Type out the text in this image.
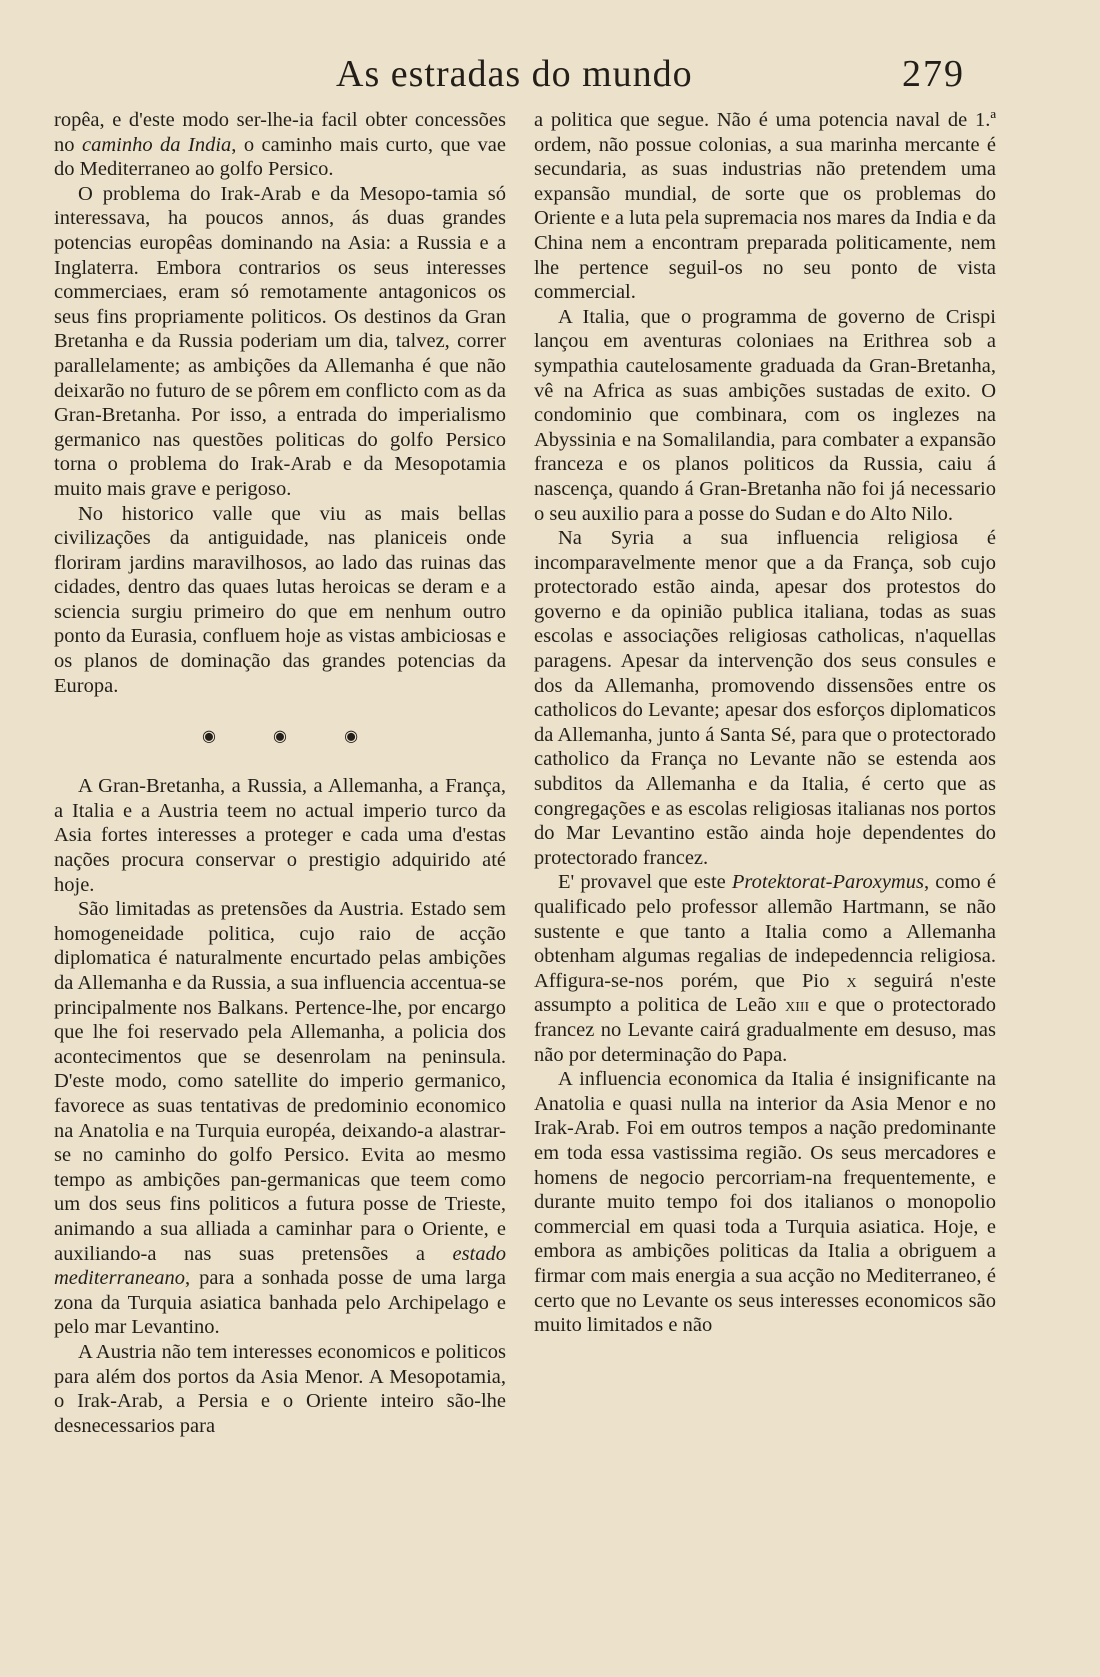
As estradas do mundo	279

ropêa, e d'este modo ser-lhe-ia facil obter concessões no caminho da India, o caminho mais curto, que vae do Mediterraneo ao golfo Persico.

O problema do Irak-Arab e da Mesopo-tamia só interessava, ha poucos annos, ás duas grandes potencias europêas dominando na Asia: a Russia e a Inglaterra. Embora contrarios os seus interesses commerciaes, eram só remotamente antagonicos os seus fins propriamente politicos. Os destinos da Gran Bretanha e da Russia poderiam um dia, talvez, correr parallelamente; as ambições da Allemanha é que não deixarão no futuro de se pôrem em conflicto com as da Gran-Bretanha. Por isso, a entrada do imperialismo germanico nas questões politicas do golfo Persico torna o problema do Irak-Arab e da Mesopotamia muito mais grave e perigoso.

No historico valle que viu as mais bellas civilizações da antiguidade, nas planiceis onde floriram jardins maravilhosos, ao lado das ruinas das cidades, dentro das quaes lutas heroicas se deram e a sciencia surgiu primeiro do que em nenhum outro ponto da Eurasia, confluem hoje as vistas ambiciosas e os planos de dominação das grandes potencias da Europa.

◉ ◉ ◉

A Gran-Bretanha, a Russia, a Allemanha, a França, a Italia e a Austria teem no actual imperio turco da Asia fortes interesses a proteger e cada uma d'estas nações procura conservar o prestigio adquirido até hoje.

São limitadas as pretensões da Austria. Estado sem homogeneidade politica, cujo raio de acção diplomatica é naturalmente encurtado pelas ambições da Allemanha e da Russia, a sua influencia accentua-se principalmente nos Balkans. Pertence-lhe, por encargo que lhe foi reservado pela Allemanha, a policia dos acontecimentos que se desenrolam na peninsula. D'este modo, como satellite do imperio germanico, favorece as suas tentativas de predominio economico na Anatolia e na Turquia européa, deixando-a alastrar-se no caminho do golfo Persico. Evita ao mesmo tempo as ambições pan-germanicas que teem como um dos seus fins politicos a futura posse de Trieste, animando a sua alliada a caminhar para o Oriente, e auxiliando-a nas suas pretensões a estado mediterraneano, para a sonhada posse de uma larga zona da Turquia asiatica banhada pelo Archipelago e pelo mar Levantino.

A Austria não tem interesses economicos e politicos para além dos portos da Asia Menor. A Mesopotamia, o Irak-Arab, a Persia e o Oriente inteiro são-lhe desnecessarios para

a politica que segue. Não é uma potencia naval de 1.ª ordem, não possue colonias, a sua marinha mercante é secundaria, as suas industrias não pretendem uma expansão mundial, de sorte que os problemas do Oriente e a luta pela supremacia nos mares da India e da China nem a encontram preparada politicamente, nem lhe pertence seguil-os no seu ponto de vista commercial.

A Italia, que o programma de governo de Crispi lançou em aventuras coloniaes na Erithrea sob a sympathia cautelosamente graduada da Gran-Bretanha, vê na Africa as suas ambições sustadas de exito. O condominio que combinara, com os inglezes na Abyssinia e na Somalilandia, para combater a expansão franceza e os planos politicos da Russia, caiu á nascença, quando á Gran-Bretanha não foi já necessario o seu auxilio para a posse do Sudan e do Alto Nilo.

Na Syria a sua influencia religiosa é incomparavelmente menor que a da França, sob cujo protectorado estão ainda, apesar dos protestos do governo e da opinião publica italiana, todas as suas escolas e associações religiosas catholicas, n'aquellas paragens. Apesar da intervenção dos seus consules e dos da Allemanha, promovendo dissensões entre os catholicos do Levante; apesar dos esforços diplomaticos da Allemanha, junto á Santa Sé, para que o protectorado catholico da França no Levante não se estenda aos subditos da Allemanha e da Italia, é certo que as congregações e as escolas religiosas italianas nos portos do Mar Levantino estão ainda hoje dependentes do protectorado francez.

E' provavel que este Protektorat-Paroxymus, como é qualificado pelo professor allemão Hartmann, se não sustente e que tanto a Italia como a Allemanha obtenham algumas regalias de indepedenncia religiosa. Affigura-se-nos porém, que Pio x seguirá n'este assumpto a politica de Leão xiii e que o protectorado francez no Levante cairá gradualmente em desuso, mas não por determinação do Papa.

A influencia economica da Italia é insignificante na Anatolia e quasi nulla na interior da Asia Menor e no Irak-Arab. Foi em outros tempos a nação predominante em toda essa vastissima região. Os seus mercadores e homens de negocio percorriam-na frequentemente, e durante muito tempo foi dos italianos o monopolio commercial em quasi toda a Turquia asiatica. Hoje, e embora as ambições politicas da Italia a obriguem a firmar com mais energia a sua acção no Mediterraneo, é certo que no Levante os seus interesses economicos são muito limitados e não
